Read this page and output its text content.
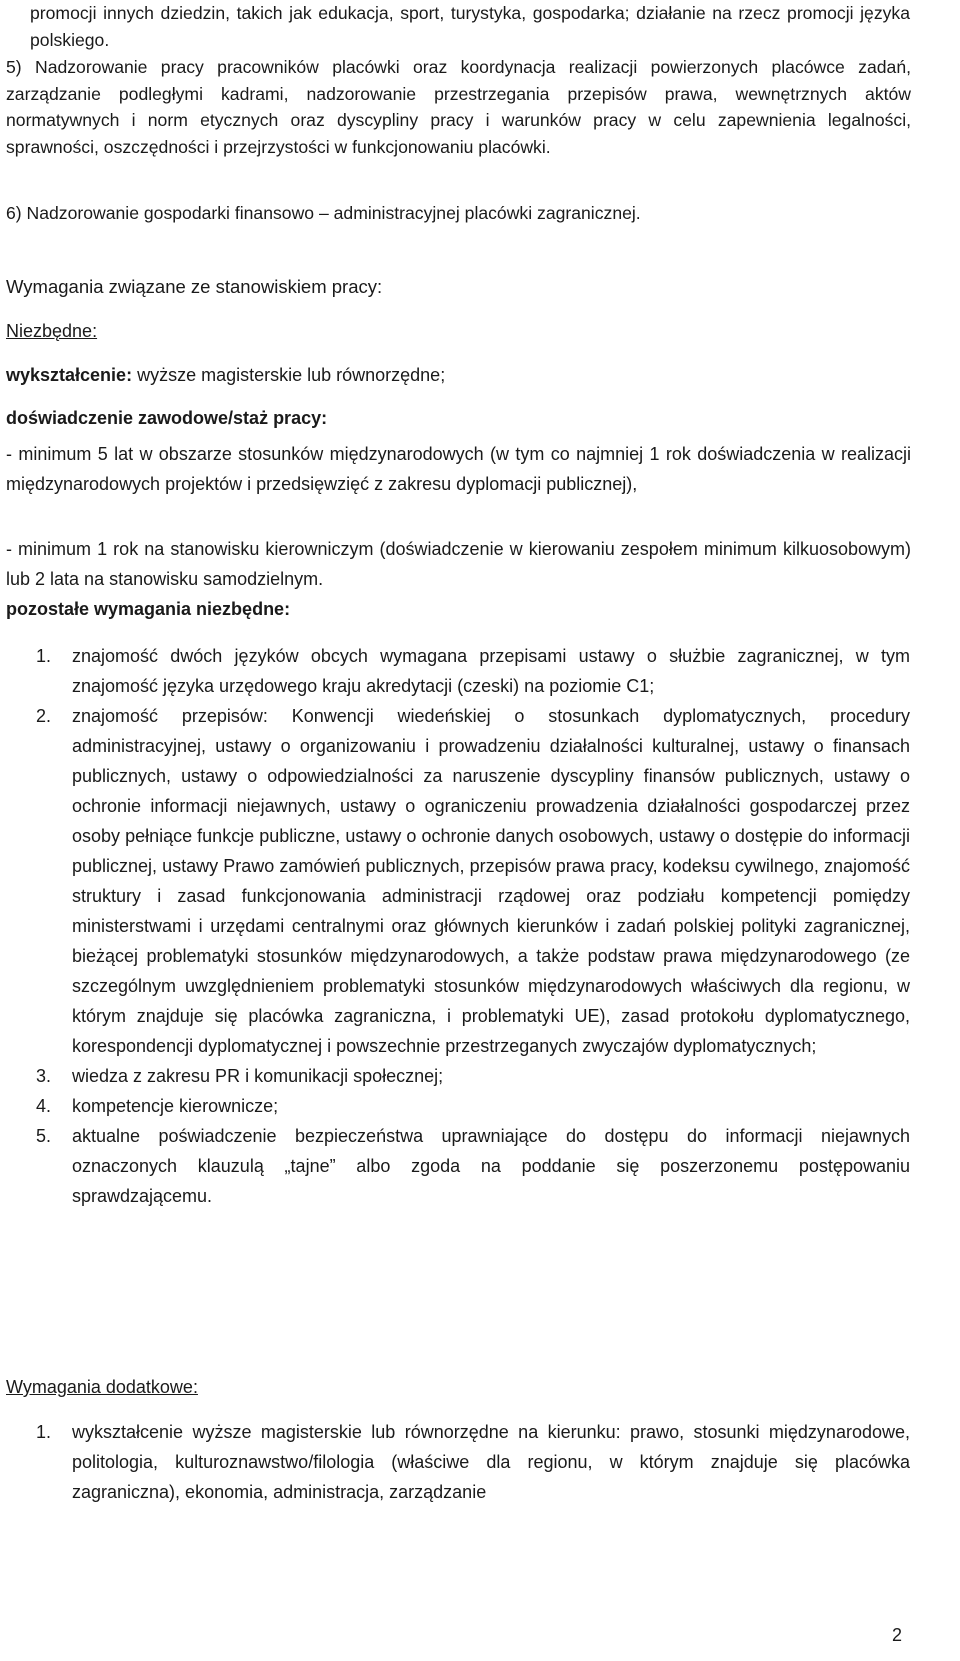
promocji innych dziedzin, takich jak edukacja, sport, turystyka, gospodarka; działanie na rzecz promocji języka polskiego.
5) Nadzorowanie pracy pracowników placówki oraz koordynacja realizacji powierzonych placówce zadań, zarządzanie podległymi kadrami, nadzorowanie przestrzegania przepisów prawa, wewnętrznych aktów normatywnych i norm etycznych oraz dyscypliny pracy i warunków pracy w celu zapewnienia legalności, sprawności, oszczędności i przejrzystości w funkcjonowaniu placówki.
6) Nadzorowanie gospodarki finansowo – administracyjnej placówki zagranicznej.
Wymagania związane ze stanowiskiem pracy:
Niezbędne:
wykształcenie: wyższe magisterskie lub równorzędne;
doświadczenie zawodowe/staż pracy:
- minimum 5 lat w obszarze stosunków międzynarodowych (w tym co najmniej 1 rok doświadczenia w realizacji międzynarodowych projektów i przedsięwzięć z zakresu dyplomacji publicznej),
- minimum 1 rok na stanowisku kierowniczym (doświadczenie w kierowaniu zespołem minimum kilkuosobowym) lub 2 lata na stanowisku samodzielnym.
pozostałe wymagania niezbędne:
1. znajomość dwóch języków obcych wymagana przepisami ustawy o służbie zagranicznej, w tym znajomość języka urzędowego kraju akredytacji (czeski) na poziomie C1;
2. znajomość przepisów: Konwencji wiedeńskiej o stosunkach dyplomatycznych, procedury administracyjnej, ustawy o organizowaniu i prowadzeniu działalności kulturalnej, ustawy o finansach publicznych, ustawy o odpowiedzialności za naruszenie dyscypliny finansów publicznych, ustawy o ochronie informacji niejawnych, ustawy o ograniczeniu prowadzenia działalności gospodarczej przez osoby pełniące funkcje publiczne, ustawy o ochronie danych osobowych, ustawy o dostępie do informacji publicznej, ustawy Prawo zamówień publicznych, przepisów prawa pracy, kodeksu cywilnego, znajomość struktury i zasad funkcjonowania administracji rządowej oraz podziału kompetencji pomiędzy ministerstwami i urzędami centralnymi oraz głównych kierunków i zadań polskiej polityki zagranicznej, bieżącej problematyki stosunków międzynarodowych, a także podstaw prawa międzynarodowego (ze szczególnym uwzględnieniem problematyki stosunków międzynarodowych właściwych dla regionu, w którym znajduje się placówka zagraniczna, i problematyki UE), zasad protokołu dyplomatycznego, korespondencji dyplomatycznej i powszechnie przestrzeganych zwyczajów dyplomatycznych;
3. wiedza z zakresu PR i komunikacji społecznej;
4. kompetencje kierownicze;
5. aktualne poświadczenie bezpieczeństwa uprawniające do dostępu do informacji niejawnych oznaczonych klauzulą „tajne” albo zgoda na poddanie się poszerzonemu postępowaniu sprawdzającemu.
Wymagania dodatkowe:
1. wykształcenie wyższe magisterskie lub równorzędne na kierunku: prawo, stosunki międzynarodowe, politologia, kulturoznawstwo/filologia (właściwe dla regionu, w którym znajduje się placówka zagraniczna), ekonomia, administracja, zarządzanie
2
